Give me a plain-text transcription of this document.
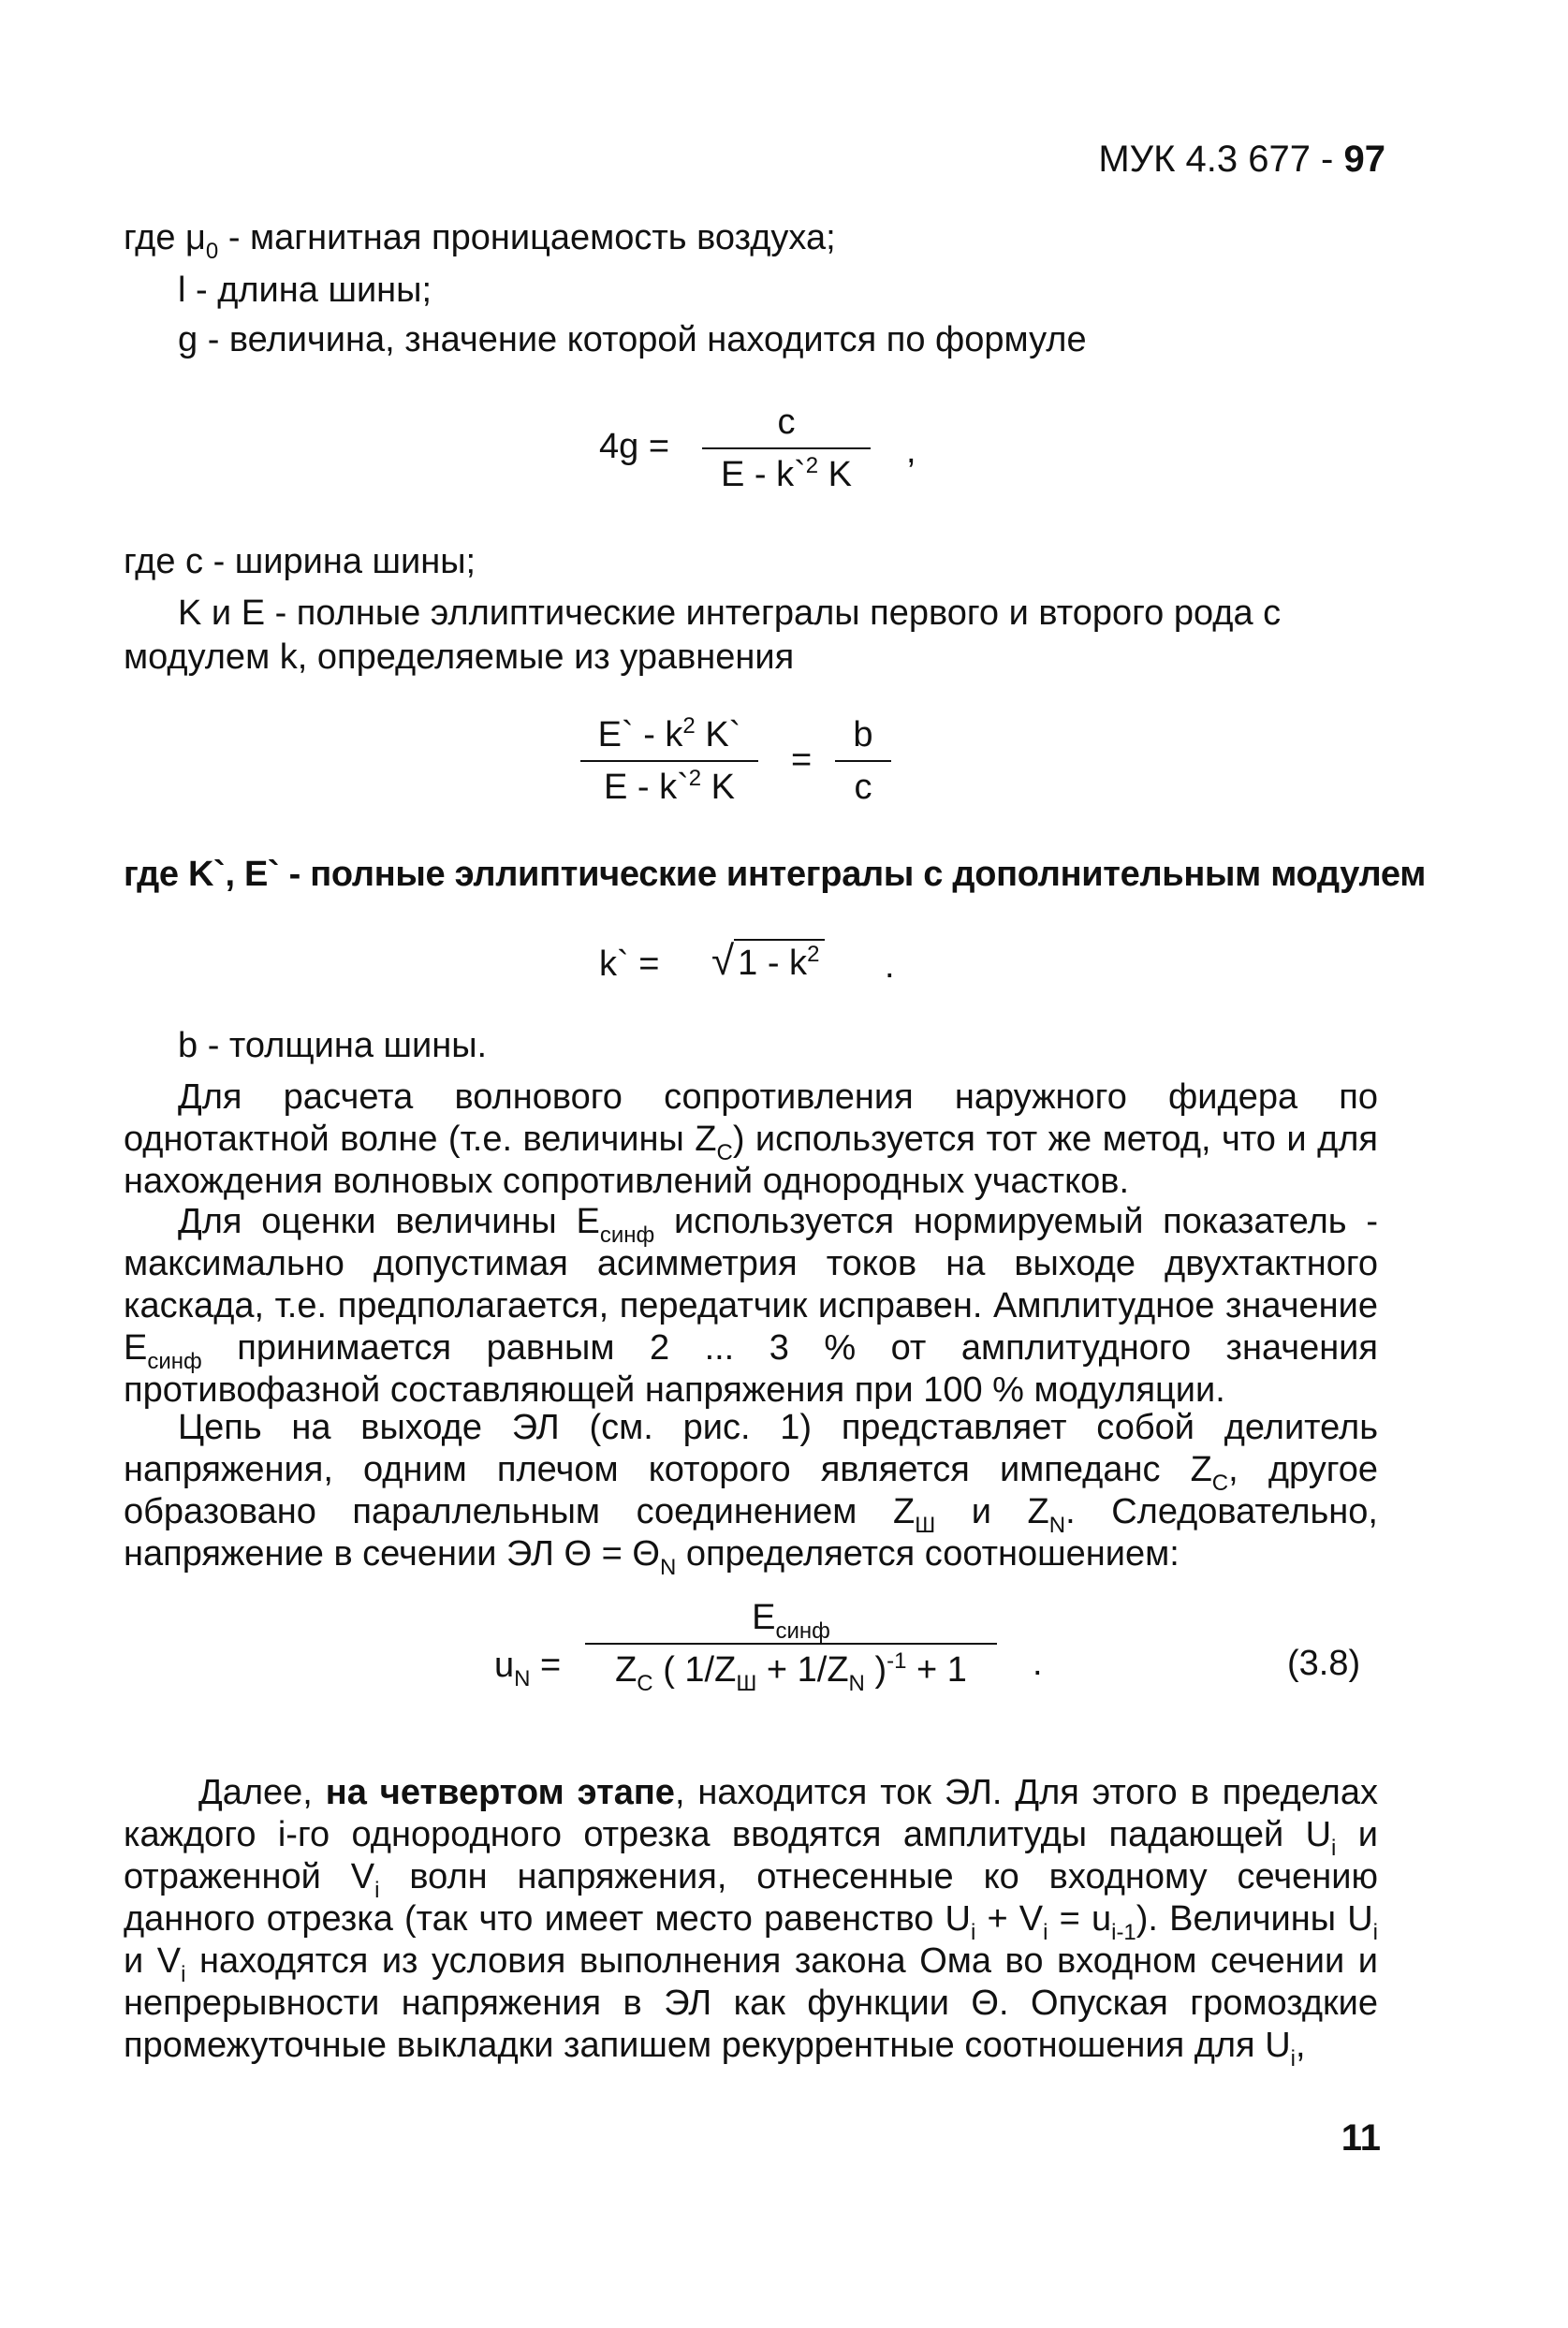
МУК 4.3 677 - 97
где $\mu_0$ - магнитная проницаемость воздуха;
l - длина шины;
g - величина, значение которой находится по формуле
4g =
c
E - k`$^2$ K
,
где c - ширина шины;
K и E - полные эллиптические интегралы первого и второго рода с
модулем k, определяемые из уравнения
E` - $k^2$ K`
E - k`$^2$ K
=
b
c
где K`, E` - полные эллиптические интегралы с дополнительным модулем
k` = √ $1 - k^2$ .
b - толщина шины.
Для расчета волнового сопротивления наружного фидера по однотактной волне (т.е. величины $Z_C$) используется тот же метод, что и для нахождения волновых сопротивлений однородных участков.
Для оценки величины $E_{синф}$ используется нормируемый показатель - максимально допустимая асимметрия токов на выходе двухтактного каскада, т.е. предполагается, передатчик исправен. Амплитудное значение $E_{синф}$ принимается равным 2 ... 3 % от амплитудного значения противофазной составляющей напряжения при 100 % модуляции.
Цепь на выходе ЭЛ (см. рис. 1) представляет собой делитель напряжения, одним плечом которого является импеданс $Z_C$, другое образовано параллельным соединением $Z_Ш$ и $Z_N$. Следовательно, напряжение в сечении ЭЛ $\Theta = \Theta_N$ определяется соотношением:
$u_N$ =
$E_{синф}$
$Z_C$ ( $1/Z_Ш + 1/Z_N$ )$^{-1}$ + 1 .	(3.8)
Далее, на четвертом этапе, находится ток ЭЛ. Для этого в пределах каждого i-го однородного отрезка вводятся амплитуды падающей $U_i$ и отраженной $V_i$ волн напряжения, отнесенные ко входному сечению данного отрезка (так что имеет место равенство $U_i + V_i = u_{i-1}$). Величины $U_i$ и $V_i$ находятся из условия выполнения закона Ома во входном сечении и непрерывности напряжения в ЭЛ как функции Θ. Опуская громоздкие промежуточные выкладки запишем рекуррентные соотношения для $U_i$,
11
